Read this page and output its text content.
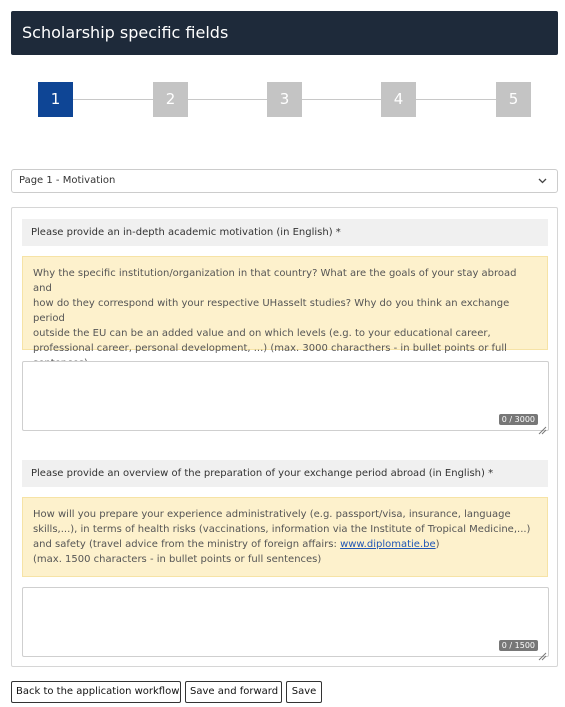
Scholarship specific fields
1	2	3	4	5
Page 1 - Motivation
Please provide an in-depth academic motivation (in English) *
Why the specific institution/organization in that country? What are the goals of your stay abroad and
how do they correspond with your respective UHasselt studies? Why do you think an exchange period
outside the EU can be an added value and on which levels (e.g. to your educational career,
professional career, personal development, ...) (max. 3000 characthers - in bullet points or full
0 / 3000
Please provide an overview of the preparation of your exchange period abroad (in English) *
How will you prepare your experience administratively (e.g. passport/visa, insurance, language
skills,...), in terms of health risks (vaccinations, information via the Institute of Tropical Medicine,...)
and safety (travel advice from the ministry of foreign affairs: www.diplomatie.be)
(max. 1500 characters - in bullet points or full sentences)
0 / 1500
Back to the application workflow	Save and forward	Save
